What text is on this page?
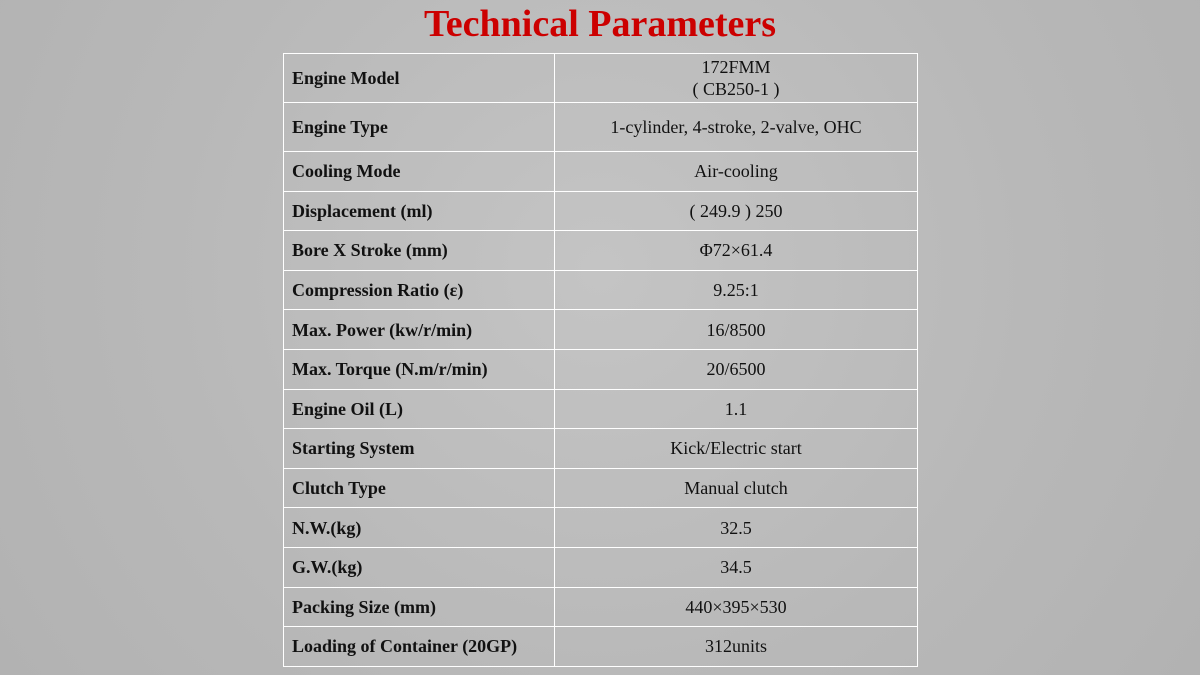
Technical Parameters
Engine Model	172FMM
( CB250-1 )

Engine Type	1-cylinder, 4-stroke, 2-valve, OHC
Cooling Mode	Air-cooling
Displacement (ml)	( 249.9 ) 250
Bore X Stroke (mm)	Φ72×61.4
Compression Ratio (ε)	9.25:1
Max. Power (kw/r/min)	16/8500
Max. Torque (N.m/r/min)	20/6500
Engine Oil (L)	1.1
Starting System	Kick/Electric start
Clutch Type	Manual clutch
N.W.(kg)	32.5
G.W.(kg)	34.5
Packing Size (mm)	440×395×530
Loading of Container (20GP)	312units
